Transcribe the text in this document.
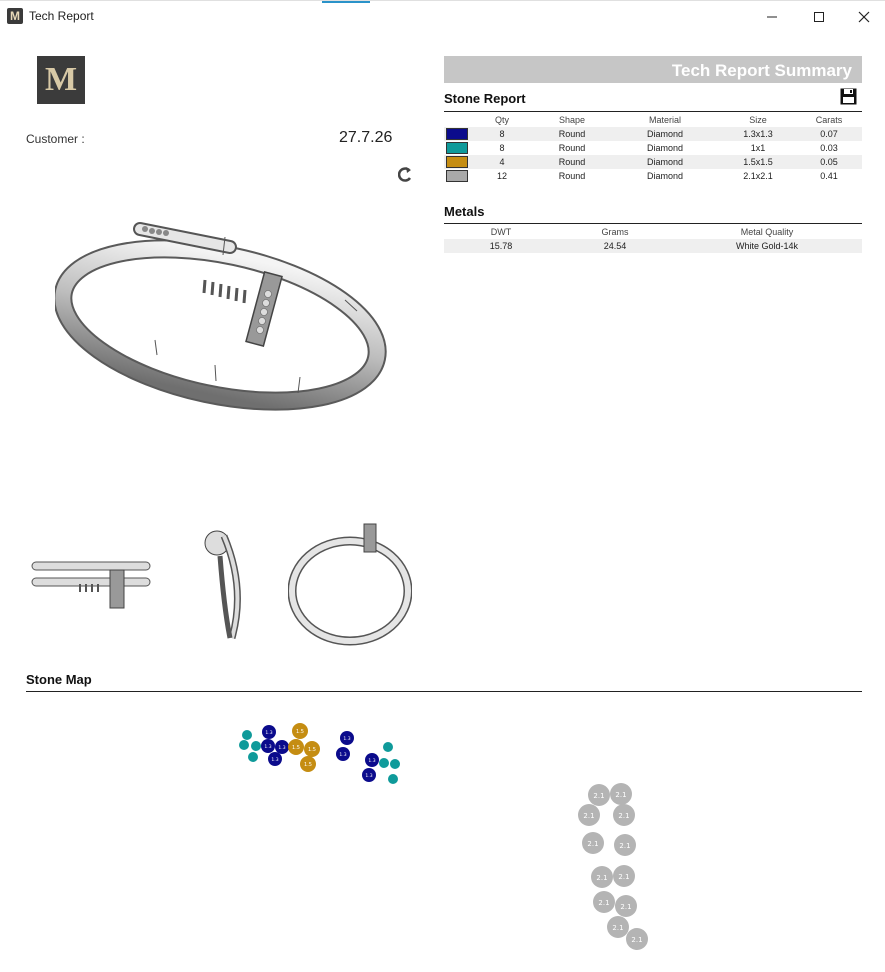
M Tech Report
M
Customer :	27.7.26
Tech Report Summary
Stone Report
	Qty	Shape	Material	Size	Carats

	8	Round	Diamond	1.3x1.3	0.07

	8	Round	Diamond	1x1	0.03

	4	Round	Diamond	1.5x1.5	0.05

	12	Round	Diamond	2.1x2.1	0.41
Metals
DWT	Grams	Metal Quality
15.78	24.54	White Gold-14k
Stone Map
1.3
1.3 1.3
1.3
1.3
1.3
1.3
1.3
1.5
1.5 1.5
1.5
2.1 2.1
2.1	2.1
2.1	2.1
2.1 2.1
2.1 2.1
2.1
2.1
